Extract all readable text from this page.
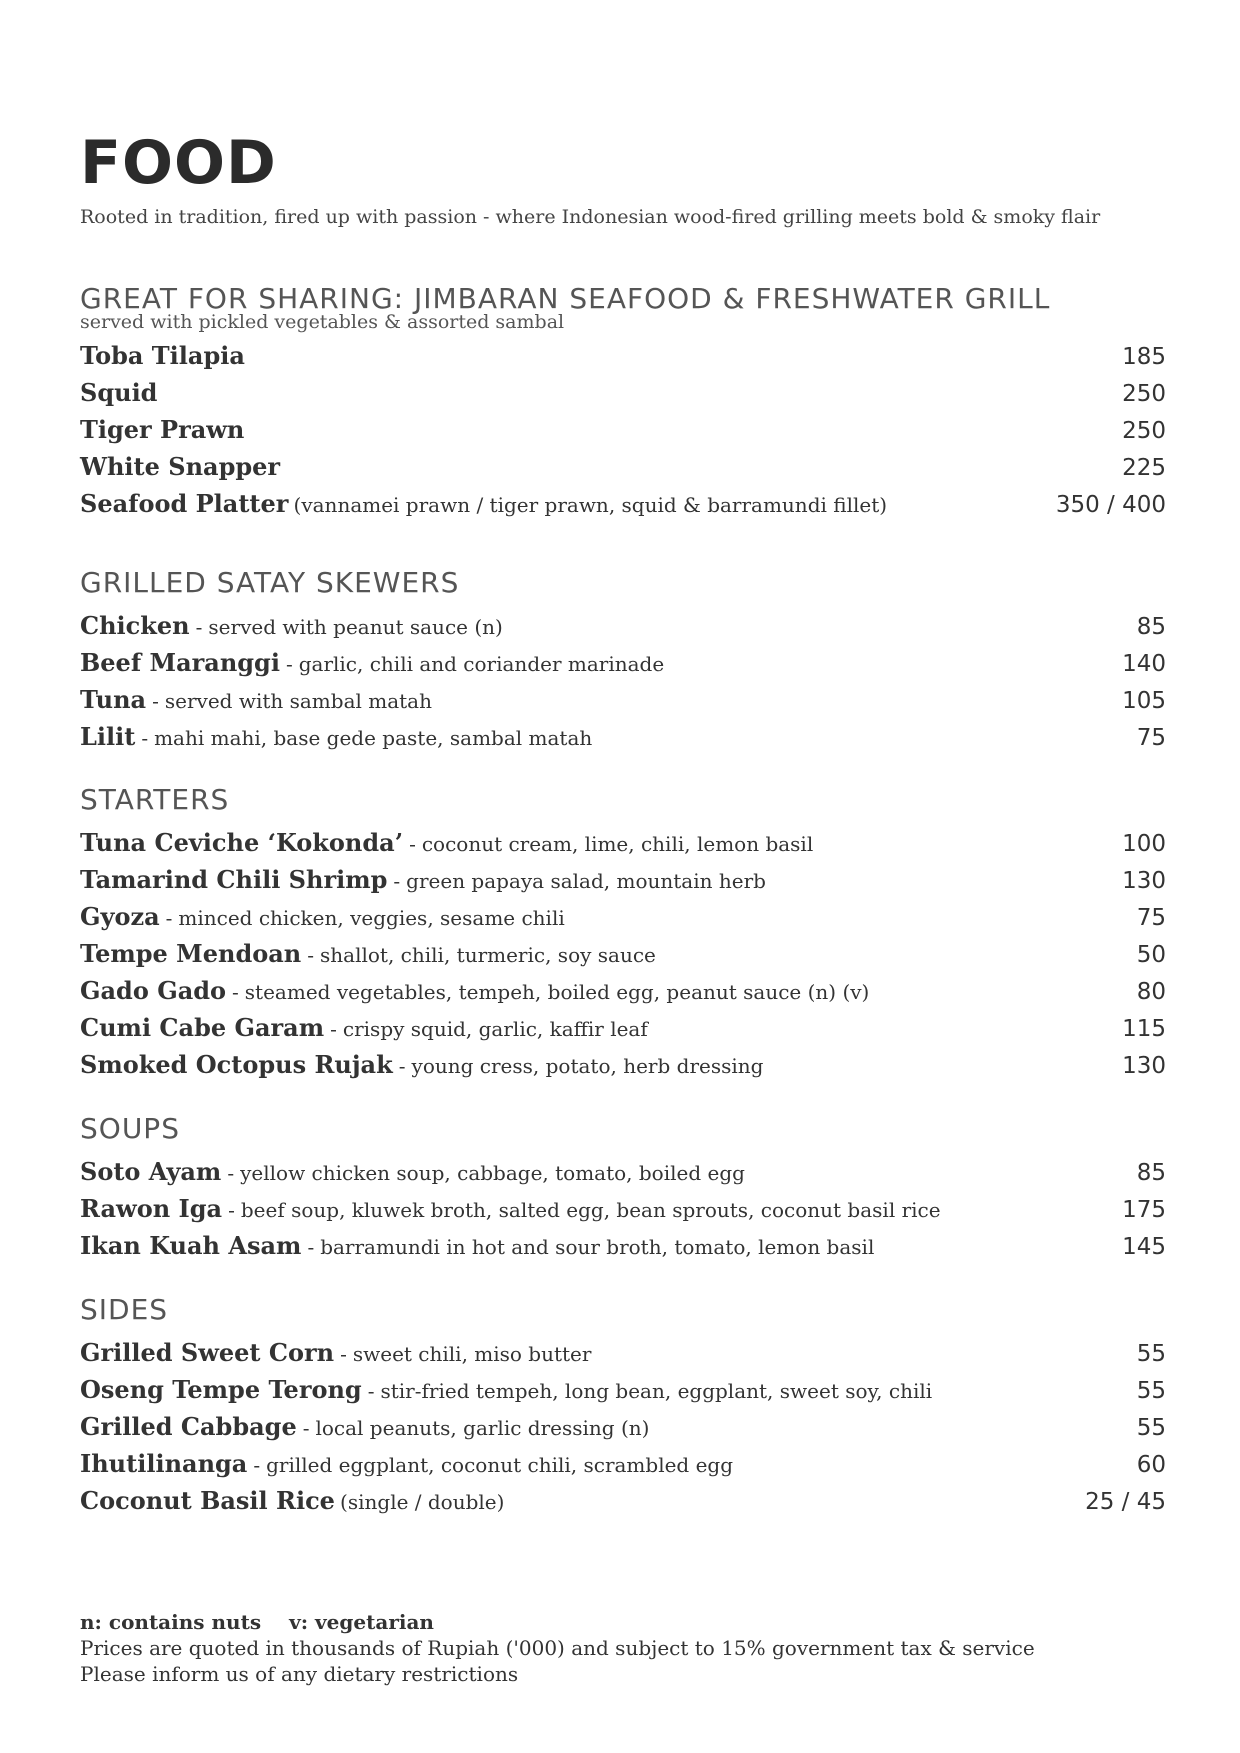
FOOD
Rooted in tradition, fired up with passion - where Indonesian wood-fired grilling meets bold & smoky flair
GREAT FOR SHARING: JIMBARAN SEAFOOD & FRESHWATER GRILL
served with pickled vegetables & assorted sambal
Toba Tilapia	185
Squid	250
Tiger Prawn	250
White Snapper	225
Seafood Platter (vannamei prawn / tiger prawn, squid & barramundi fillet)	350 / 400
GRILLED SATAY SKEWERS
Chicken - served with peanut sauce (n)	85
Beef Maranggi - garlic, chili and coriander marinade	140
Tuna - served with sambal matah	105
Lilit - mahi mahi, base gede paste, sambal matah	75
STARTERS
Tuna Ceviche ‘Kokonda’ - coconut cream, lime, chili, lemon basil	100
Tamarind Chili Shrimp - green papaya salad, mountain herb	130
Gyoza - minced chicken, veggies, sesame chili	75
Tempe Mendoan - shallot, chili, turmeric, soy sauce	50
Gado Gado - steamed vegetables, tempeh, boiled egg, peanut sauce (n) (v)	80
Cumi Cabe Garam - crispy squid, garlic, kaffir leaf	115
Smoked Octopus Rujak - young cress, potato, herb dressing	130
SOUPS
Soto Ayam - yellow chicken soup, cabbage, tomato, boiled egg	85
Rawon Iga - beef soup, kluwek broth, salted egg, bean sprouts, coconut basil rice	175
Ikan Kuah Asam - barramundi in hot and sour broth, tomato, lemon basil	145
SIDES
Grilled Sweet Corn - sweet chili, miso butter	55
Oseng Tempe Terong - stir-fried tempeh, long bean, eggplant, sweet soy, chili	55
Grilled Cabbage - local peanuts, garlic dressing (n)	55
Ihutilinanga - grilled eggplant, coconut chili, scrambled egg	60
Coconut Basil Rice (single / double)	25 / 45
n: contains nuts v: vegetarian
Prices are quoted in thousands of Rupiah ('000) and subject to 15% government tax & service
Please inform us of any dietary restrictions
